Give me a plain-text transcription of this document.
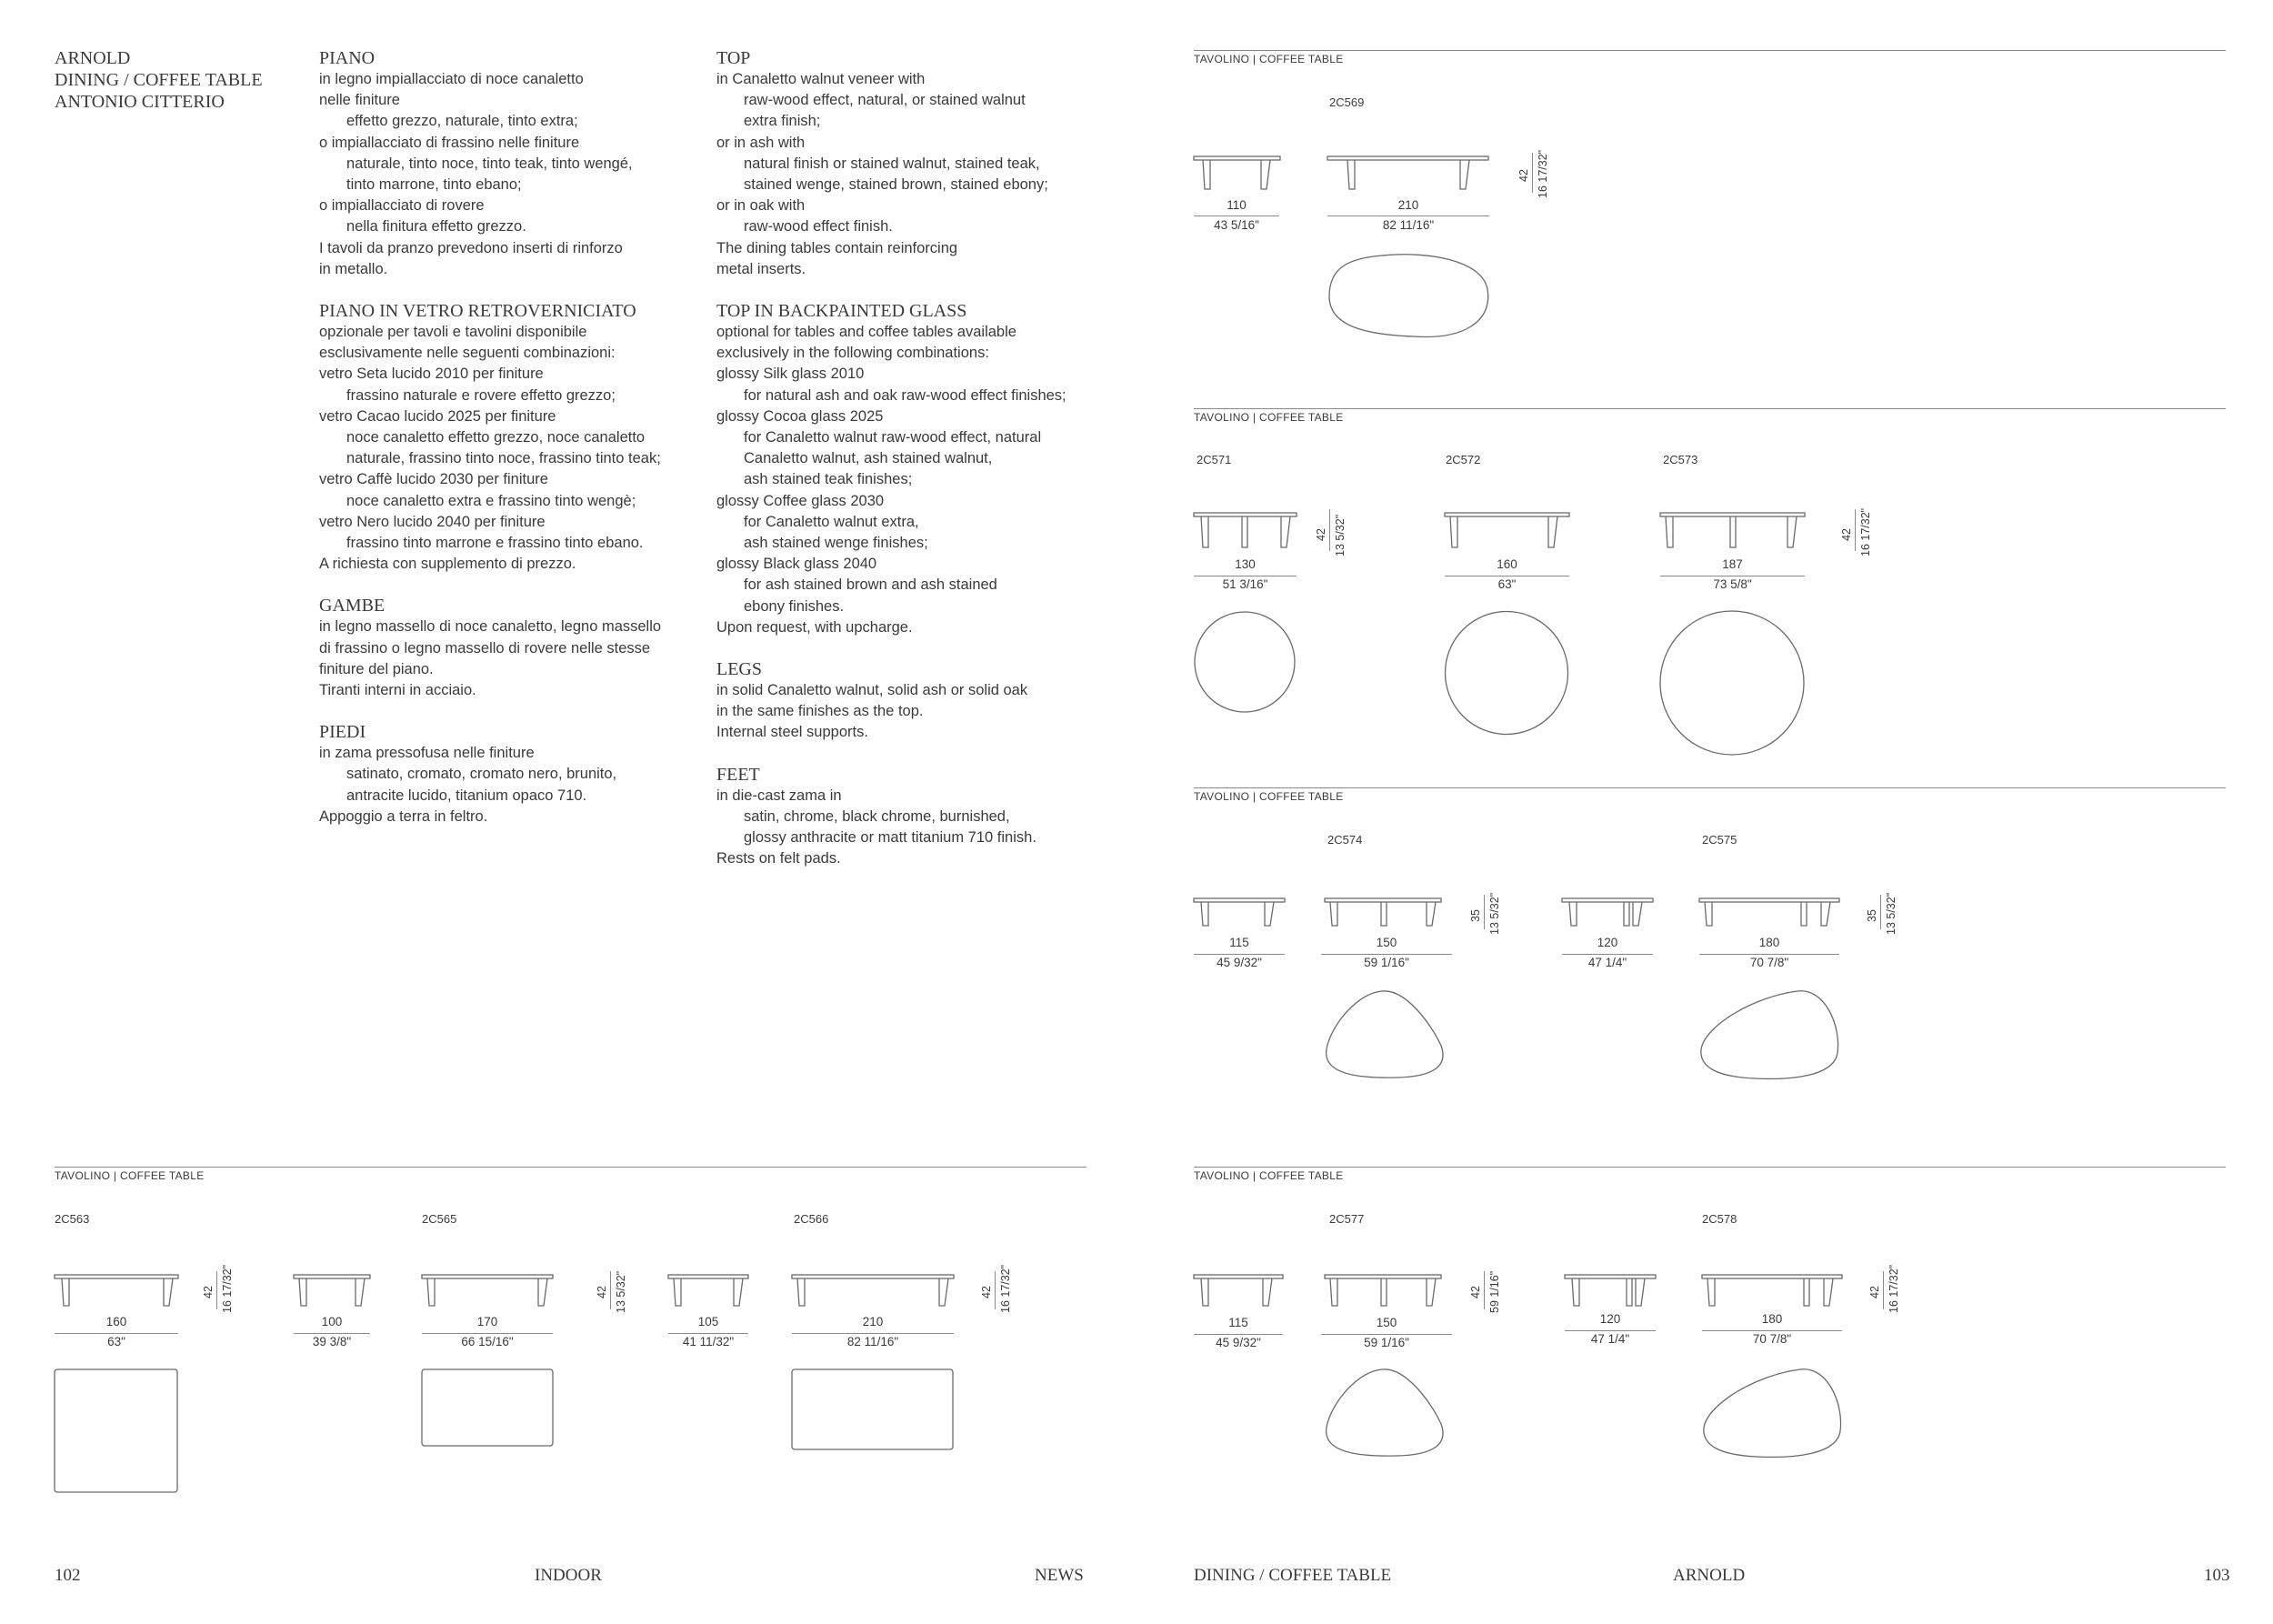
ARNOLD
DINING / COFFEE TABLE
ANTONIO CITTERIO
PIANO

in legno impiallacciato di noce canaletto

nelle finiture

effetto grezzo, naturale, tinto extra;

o impiallacciato di frassino nelle finiture

naturale, tinto noce, tinto teak, tinto wengé,

tinto marrone, tinto ebano;

o impiallacciato di rovere

nella finitura effetto grezzo.

I tavoli da pranzo prevedono inserti di rinforzo

in metallo.

PIANO IN VETRO RETROVERNICIATO

opzionale per tavoli e tavolini disponibile

esclusivamente nelle seguenti combinazioni:

vetro Seta lucido 2010 per finiture

frassino naturale e rovere effetto grezzo;

vetro Cacao lucido 2025 per finiture

noce canaletto effetto grezzo, noce canaletto

naturale, frassino tinto noce, frassino tinto teak;

vetro Caffè lucido 2030 per finiture

noce canaletto extra e frassino tinto wengè;

vetro Nero lucido 2040 per finiture

frassino tinto marrone e frassino tinto ebano.

A richiesta con supplemento di prezzo.

GAMBE

in legno massello di noce canaletto, legno massello

di frassino o legno massello di rovere nelle stesse

finiture del piano.

Tiranti interni in acciaio.

PIEDI

in zama pressofusa nelle finiture

satinato, cromato, cromato nero, brunito,

antracite lucido, titanium opaco 710.

Appoggio a terra in feltro.

TOP

in Canaletto walnut veneer with

raw-wood effect, natural, or stained walnut

extra finish;

or in ash with

natural finish or stained walnut, stained teak,

stained wenge, stained brown, stained ebony;

or in oak with

raw-wood effect finish.

The dining tables contain reinforcing

metal inserts.

TOP IN BACKPAINTED GLASS

optional for tables and coffee tables available

exclusively in the following combinations:

glossy Silk glass 2010

for natural ash and oak raw-wood effect finishes;

glossy Cocoa glass 2025

for Canaletto walnut raw-wood effect, natural

Canaletto walnut, ash stained walnut,

ash stained teak finishes;

glossy Coffee glass 2030

for Canaletto walnut extra,

ash stained wenge finishes;

glossy Black glass 2040

for ash stained brown and ash stained

ebony finishes.

Upon request, with upcharge.

LEGS

in solid Canaletto walnut, solid ash or solid oak

in the same finishes as the top.

Internal steel supports.

FEET

in die-cast zama in

satin, chrome, black chrome, burnished,

glossy anthracite or matt titanium 710 finish.

Rests on felt pads.

TAVOLINO | COFFEE TABLE
2C569
110
43 5/16"
210
82 11/16"
42 16 17/32"
TAVOLINO | COFFEE TABLE
2C571	2C572	2C573
130
51 3/16"
42 13 5/32"
160
63"
187
73 5/8"
42 16 17/32"
TAVOLINO | COFFEE TABLE
2C574	2C575
115
45 9/32"
150
59 1/16"
35 13 5/32"
120
47 1/4"
180
70 7/8"
35 13 5/32"
TAVOLINO | COFFEE TABLE
2C563	2C565	2C566
160
63"
42 16 17/32"
100
39 3/8"
170
66 15/16"
42 13 5/32"
105
41 11/32"
210
82 11/16"
42 16 17/32"
TAVOLINO | COFFEE TABLE
2C577	2C578
115
45 9/32"
150
59 1/16"
42 59 1/16"
120
47 1/4"
180
70 7/8"
42 16 17/32"
102	INDOOR	NEWS	DINING / COFFEE TABLE	ARNOLD	103
